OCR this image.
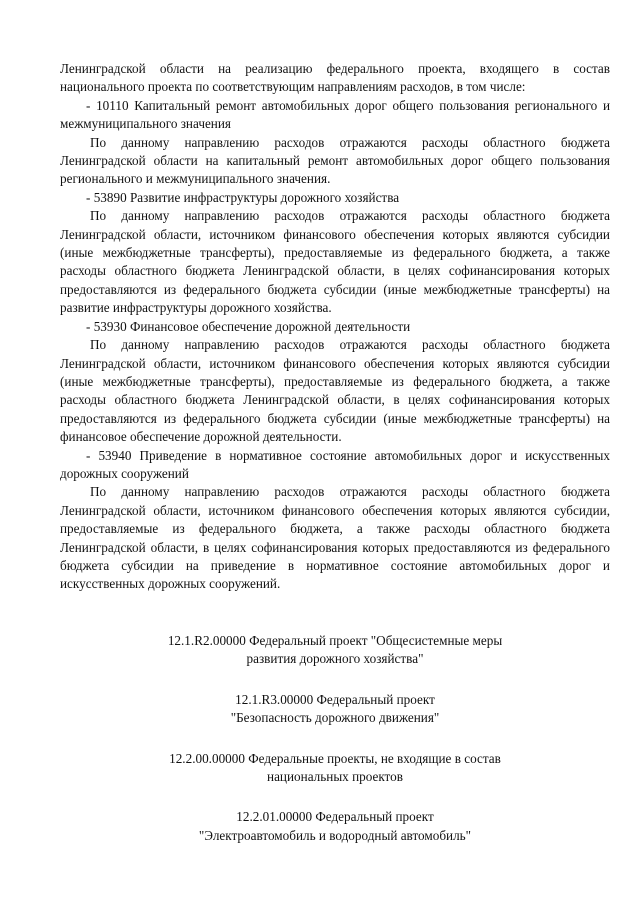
Ленинградской области на реализацию федерального проекта, входящего в состав национального проекта по соответствующим направлениям расходов, в том числе:

- 10110 Капитальный ремонт автомобильных дорог общего пользования регионального и межмуниципального значения

По данному направлению расходов отражаются расходы областного бюджета Ленинградской области на капитальный ремонт автомобильных дорог общего пользования регионального и межмуниципального значения.

- 53890 Развитие инфраструктуры дорожного хозяйства

По данному направлению расходов отражаются расходы областного бюджета Ленинградской области, источником финансового обеспечения которых являются субсидии (иные межбюджетные трансферты), предоставляемые из федерального бюджета, а также расходы областного бюджета Ленинградской области, в целях софинансирования которых предоставляются из федерального бюджета субсидии (иные межбюджетные трансферты) на развитие инфраструктуры дорожного хозяйства.

- 53930 Финансовое обеспечение дорожной деятельности

По данному направлению расходов отражаются расходы областного бюджета Ленинградской области, источником финансового обеспечения которых являются субсидии (иные межбюджетные трансферты), предоставляемые из федерального бюджета, а также расходы областного бюджета Ленинградской области, в целях софинансирования которых предоставляются из федерального бюджета субсидии (иные межбюджетные трансферты) на финансовое обеспечение дорожной деятельности.

- 53940 Приведение в нормативное состояние автомобильных дорог и искусственных дорожных сооружений

По данному направлению расходов отражаются расходы областного бюджета Ленинградской области, источником финансового обеспечения которых являются субсидии, предоставляемые из федерального бюджета, а также расходы областного бюджета Ленинградской области, в целях софинансирования которых предоставляются из федерального бюджета субсидии на приведение в нормативное состояние автомобильных дорог и искусственных дорожных сооружений.

12.1.R2.00000 Федеральный проект "Общесистемные меры
развития дорожного хозяйства"
12.1.R3.00000 Федеральный проект
"Безопасность дорожного движения"
12.2.00.00000 Федеральные проекты, не входящие в состав
национальных проектов
12.2.01.00000 Федеральный проект
"Электроавтомобиль и водородный автомобиль"
